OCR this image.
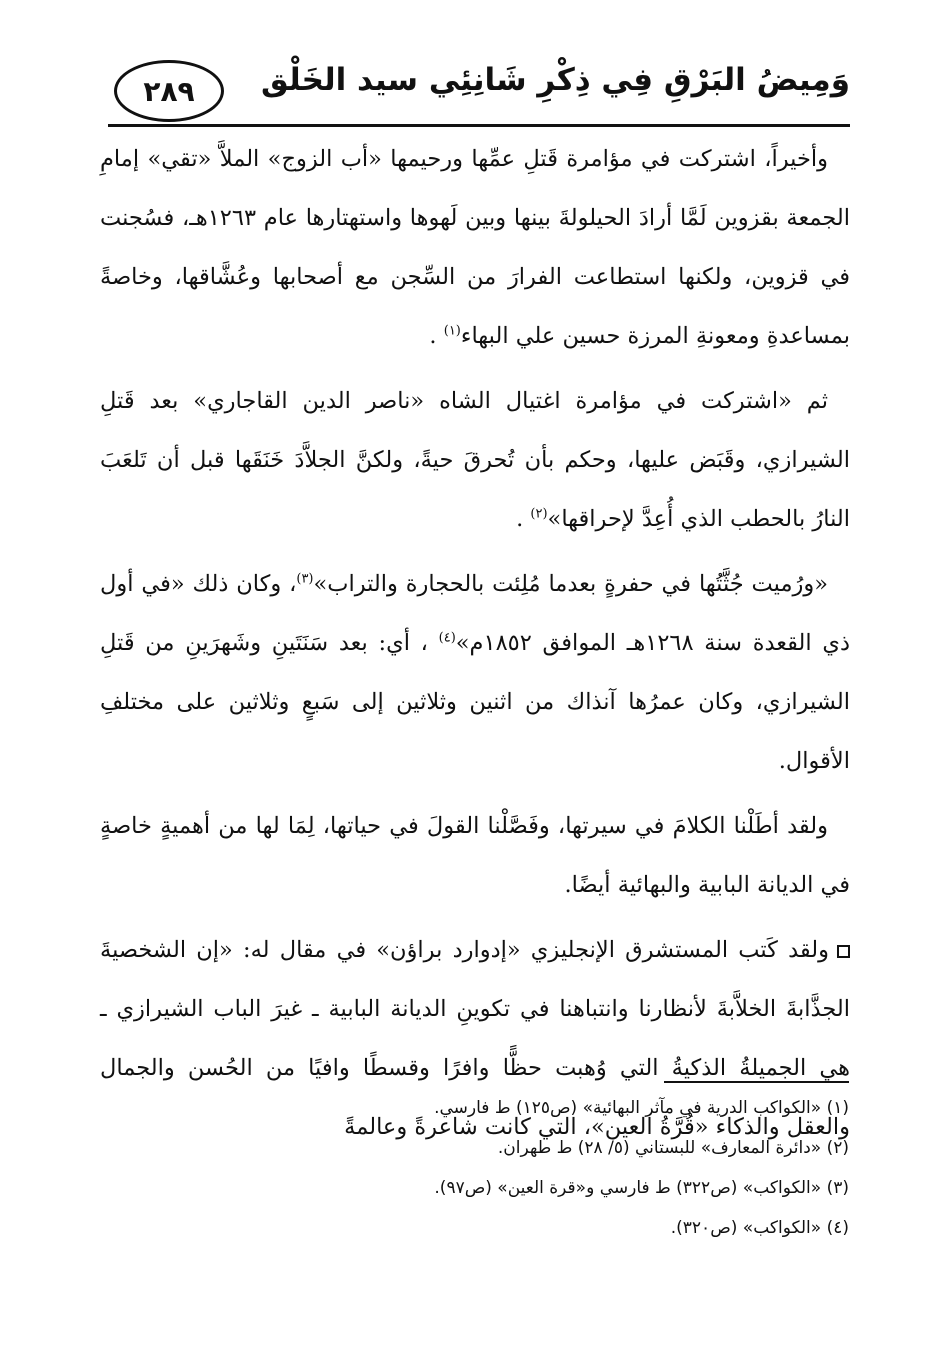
٢٨٩	وَمِيضُ البَرْقِ فِي ذِكْرِ شَانِئِي سيد الخَلْق

وأخيراً، اشتركت في مؤامرة قَتلِ عمِّها ورحيمها «أب الزوج» الملاَّ «تقي» إمامِ الجمعة بقزوين لَمَّا أرادَ الحيلولةَ بينها وبين لَهوها واستهتارها عام ١٢٦٣هـ، فسُجنت في قزوين، ولكنها استطاعت الفرارَ من السِّجن مع أصحابها وعُشَّاقها، وخاصةً بمساعدةِ ومعونةِ المرزة حسين علي البهاء$^{(١)}$ .

ثم «اشتركت في مؤامرة اغتيال الشاه «ناصر الدين القاجاري» بعد قَتلِ الشيرازي، وقَبَض عليها، وحكم بأن تُحرقَ حيةً، ولكنَّ الجلاَّدَ خَنَقَها قبل أن تَلعَبَ النارُ بالحطب الذي أُعِدَّ لإحراقها»$^{(٢)}$ .

«ورُميت جُثَّتُها في حفرةٍ بعدما مُلِئت بالحجارة والتراب»$^{(٣)}$، وكان ذلك «في أول ذي القعدة سنة ١٢٦٨هـ الموافق ١٨٥٢م»$^{(٤)}$ ، أي: بعد سَنَتَينِ وشَهرَينِ من قَتلِ الشيرازي، وكان عمرُها آنذاك من اثنين وثلاثين إلى سَبعٍ وثلاثين على مختلفِ الأقوال.

ولقد أطَلْنا الكلامَ في سيرتها، وفَصَّلْنا القولَ في حياتها، لِمَا لها من أهميةٍ خاصةٍ في الديانة البابية والبهائية أيضًا.

ولقد كَتب المستشرق الإنجليزي «إدوارد براؤن» في مقال له: «إن الشخصيةَ الجذَّابةَ الخلاَّبةَ لأنظارنا وانتباهنا في تكوينِ الديانة البابية ـ غيرَ الباب الشيرازي ـ هي الجميلةُ الذكيةُ التي وُهبت حظًّا وافرًا وقسطًا وافيًا من الحُسن والجمال والعقل والذكاء «قُرَّةُ العين»، التي كانت شاعرةً وعالمةً

(١) «الكواكب الدرية في مآثر البهائية» (ص١٢٥) ط فارسي.
(٢) «دائرة المعارف» للبستاني (٥/ ٢٨) ط طهران.
(٣) «الكواكب» (ص٣٢٢) ط فارسي و«قرة العين» (ص٩٧).
(٤) «الكواكب» (ص٣٢٠).
